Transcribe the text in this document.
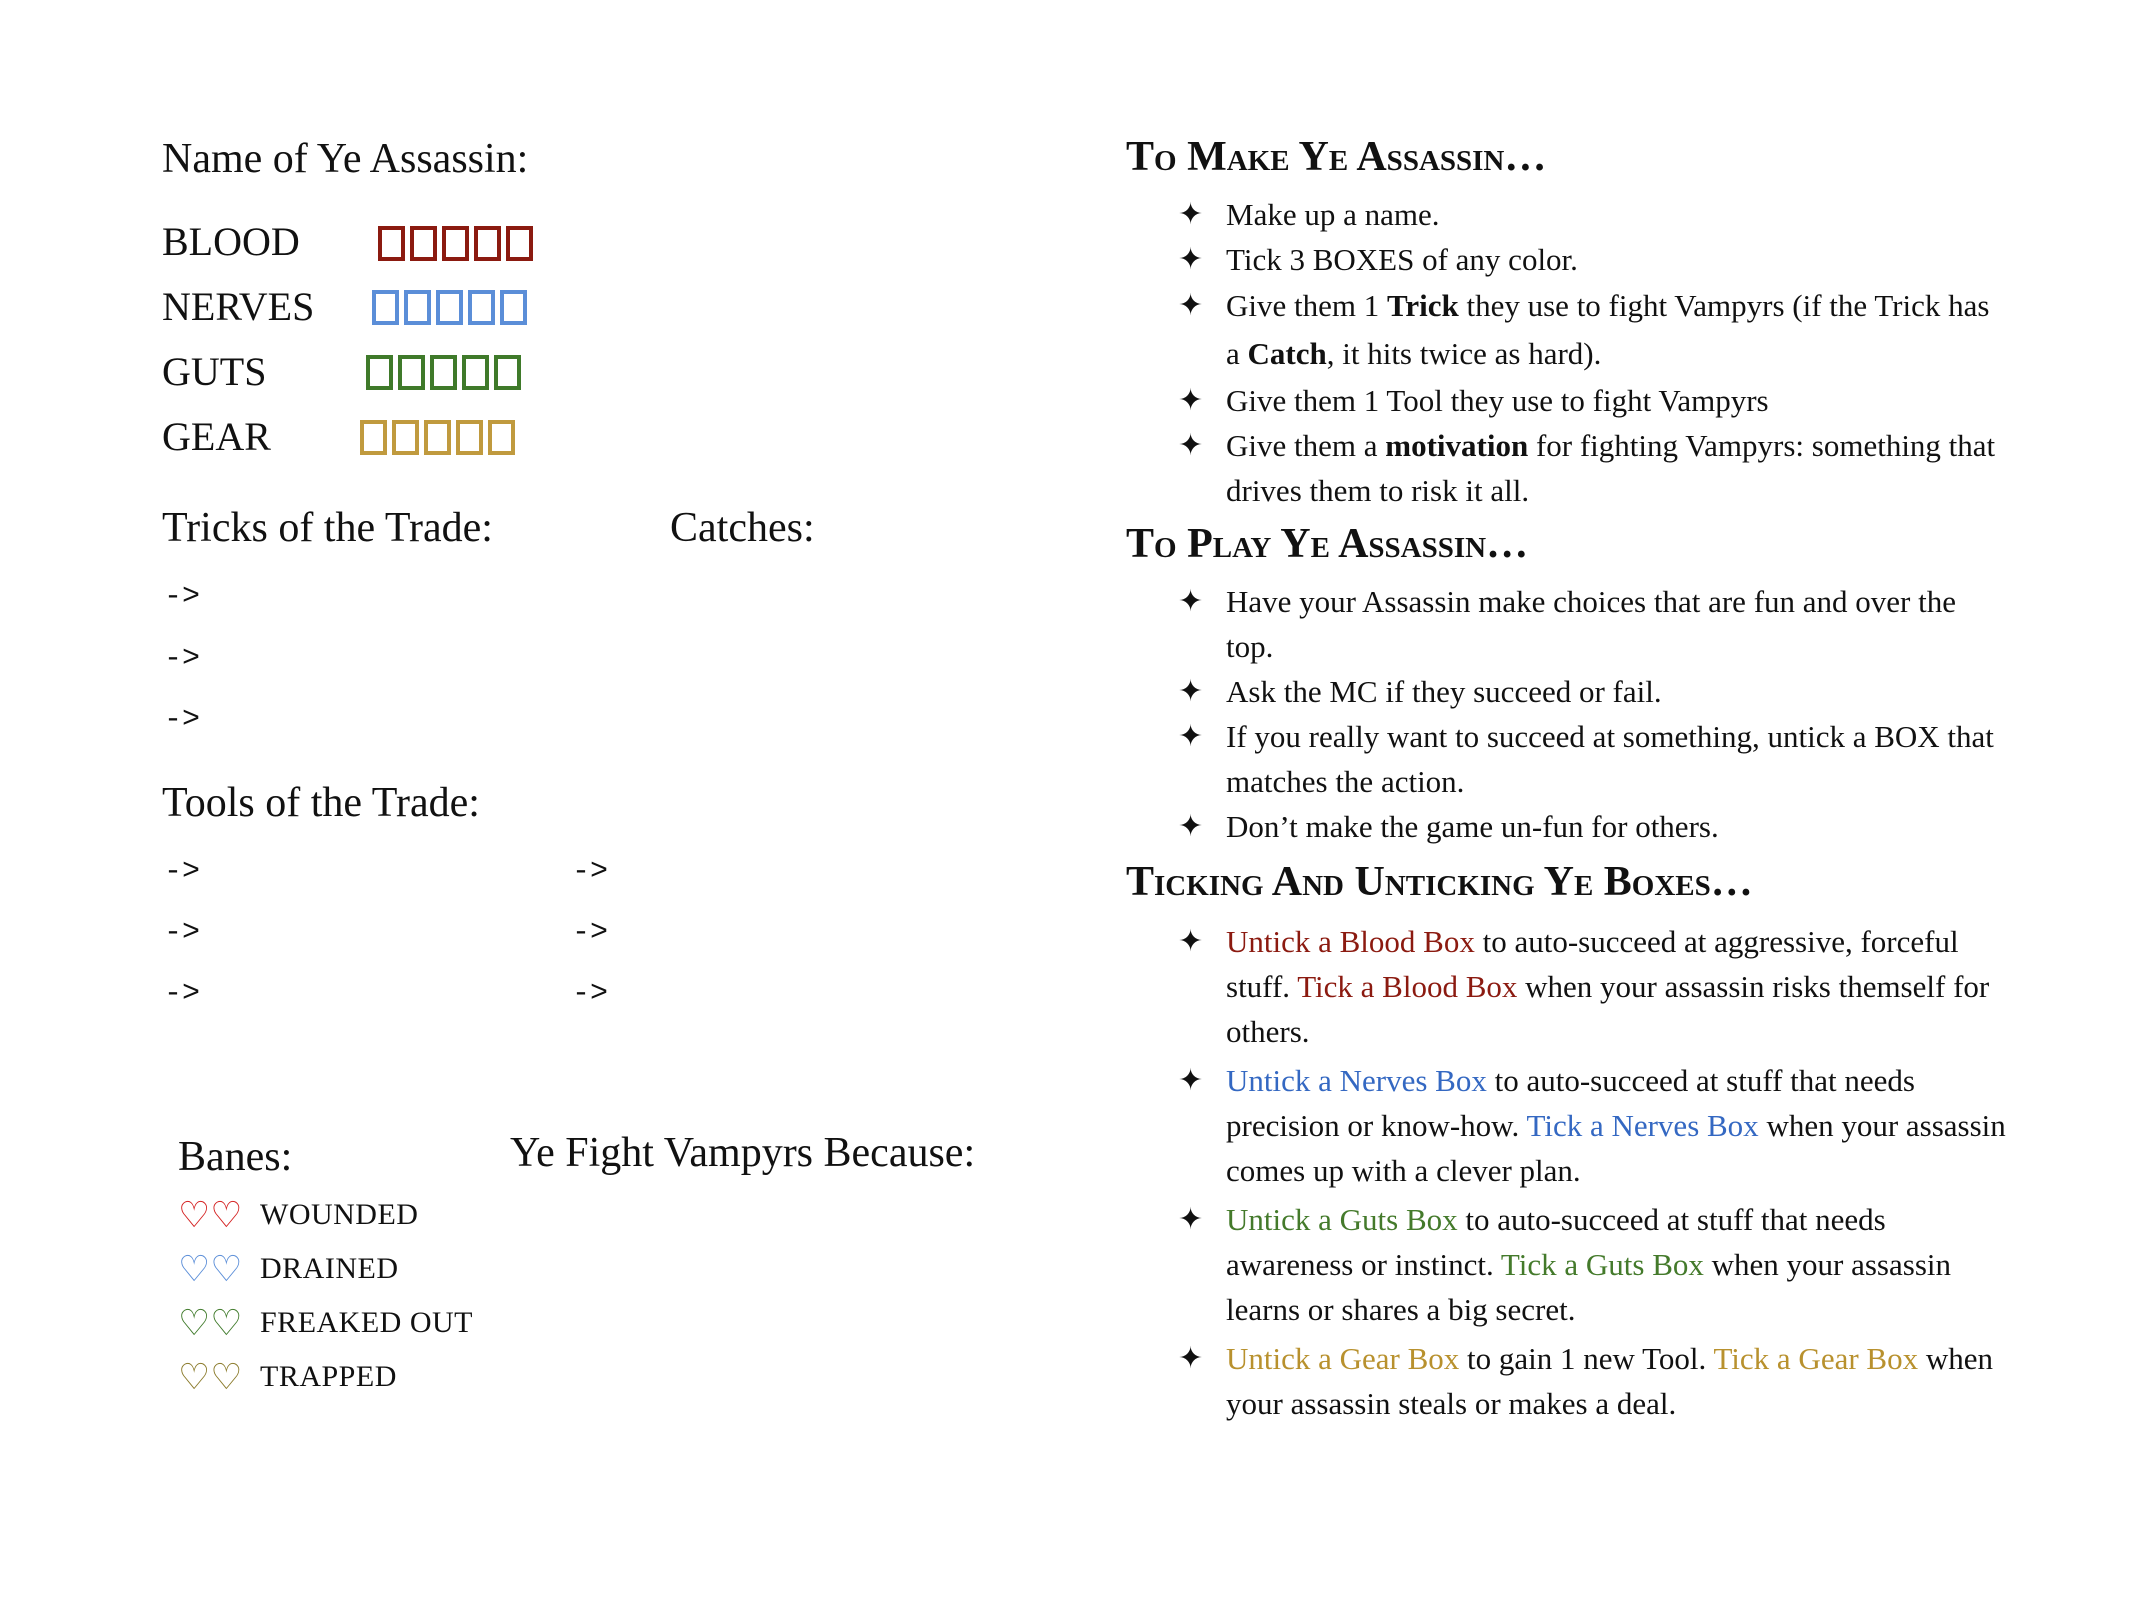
Name of Ye Assassin:
BLOOD
NERVES
GUTS
GEAR
Tricks of the Trade:	Catches:
->
->
->
Tools of the Trade:
->
->
->
->
->
->
Banes:	Ye Fight Vampyrs Because:
♡♡ WOUNDED
♡♡ DRAINED
♡♡ FREAKED OUT
♡♡ TRAPPED
To Make Ye Assassin…
✦ Make up a name.
✦ Tick 3 BOXES of any color.
✦ Give them 1 Trick they use to fight Vampyrs (if the Trick has a Catch, it hits twice as hard).
✦ Give them 1 Tool they use to fight Vampyrs
✦ Give them a motivation for fighting Vampyrs: something that drives them to risk it all.
To Play Ye Assassin…
✦ Have your Assassin make choices that are fun and over the top.
✦ Ask the MC if they succeed or fail.
✦ If you really want to succeed at something, untick a BOX that matches the action.
✦ Don’t make the game un-fun for others.
Ticking And Unticking Ye Boxes…
✦ Untick a Blood Box to auto-succeed at aggressive, forceful stuff. Tick a Blood Box when your assassin risks themself for others.
✦ Untick a Nerves Box to auto-succeed at stuff that needs precision or know-how. Tick a Nerves Box when your assassin comes up with a clever plan.
✦ Untick a Guts Box to auto-succeed at stuff that needs awareness or instinct. Tick a Guts Box when your assassin learns or shares a big secret.
✦ Untick a Gear Box to gain 1 new Tool. Tick a Gear Box when your assassin steals or makes a deal.
